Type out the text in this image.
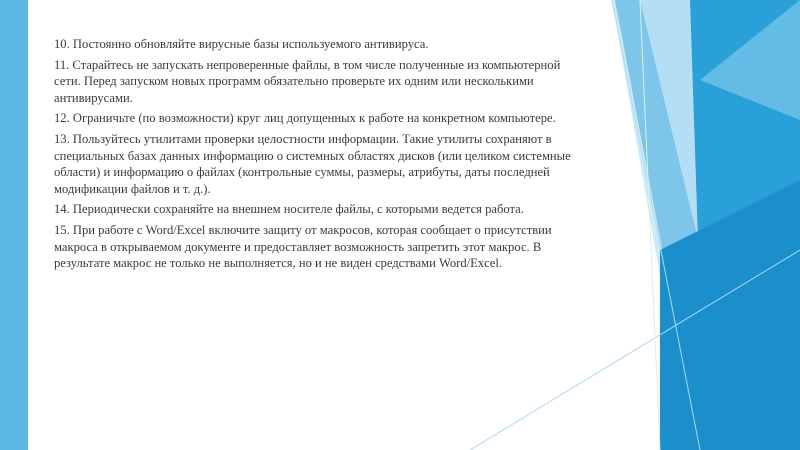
10. Постоянно обновляйте вирусные базы используемого антивируса.

11. Старайтесь не запускать непроверенные файлы, в том числе полученные из компьютерной сети. Перед запуском новых программ обязательно проверьте их одним или несколькими антивирусами.

12. Ограничьте (по возможности) круг лиц допущенных к работе на конкретном компьютере.

13. Пользуйтесь утилитами проверки целостности информации. Такие утилиты сохраняют в специальных базах данных информацию о системных областях дисков (или целиком системные области) и информацию о файлах (контрольные суммы, размеры, атрибуты, даты последней модификации файлов и т. д.).

14. Периодически сохраняйте на внешнем носителе файлы, с которыми ведется работа.

15. При работе с Word/Excel включите защиту от макросов, которая сообщает о присутствии макроса в открываемом документе и предоставляет возможность запретить этот макрос. В результате макрос не только не выполняется, но и не виден средствами Word/Excel.
